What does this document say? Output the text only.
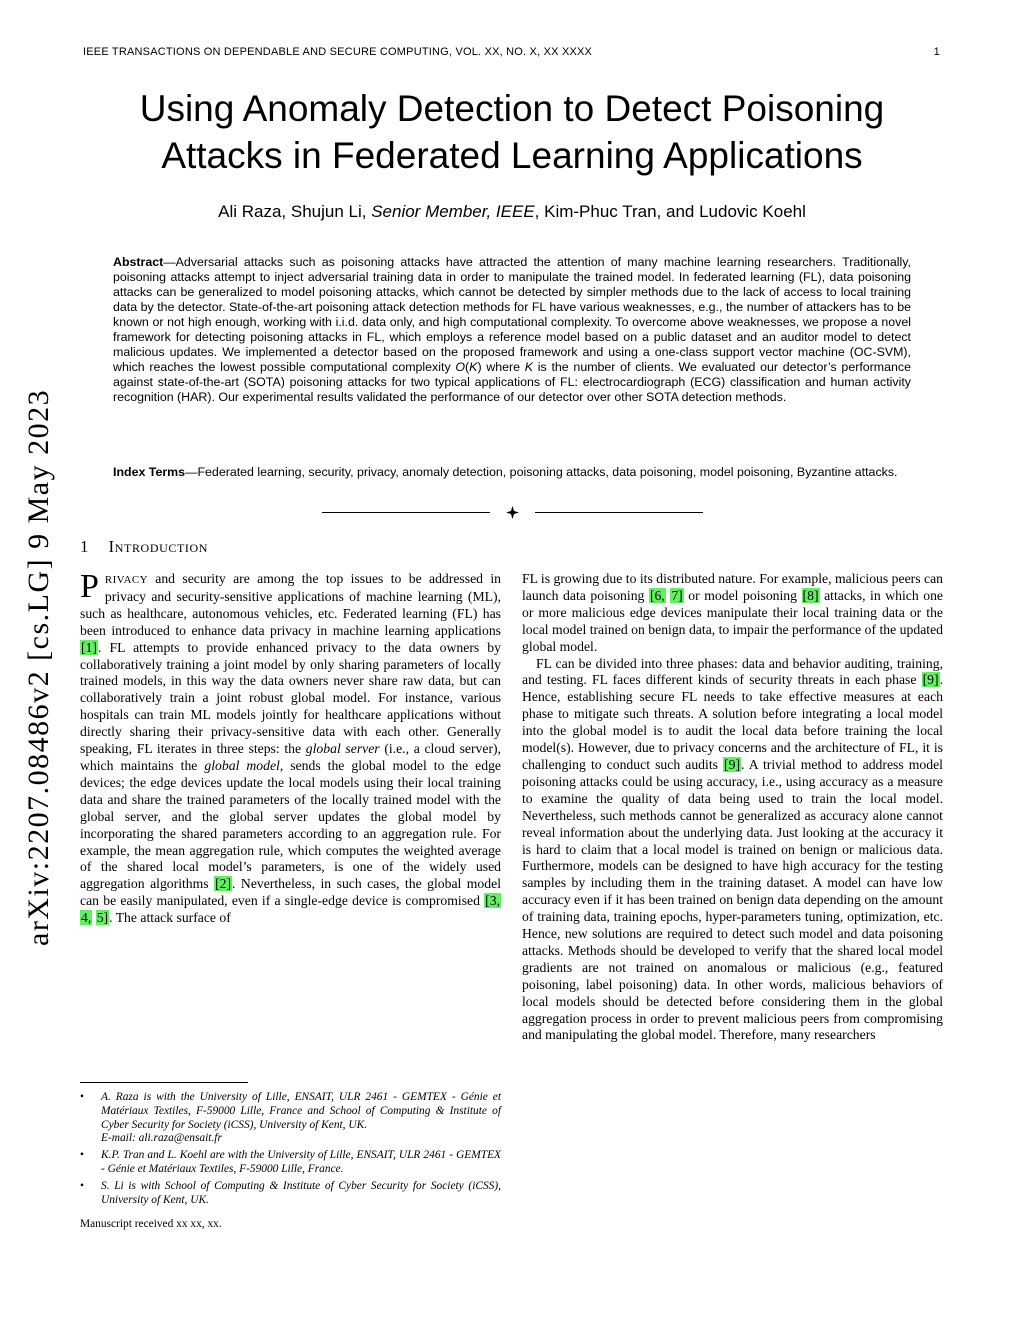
IEEE TRANSACTIONS ON DEPENDABLE AND SECURE COMPUTING, VOL. XX, NO. X, XX XXXX	1
Using Anomaly Detection to Detect Poisoning
Attacks in Federated Learning Applications
Ali Raza, Shujun Li, Senior Member, IEEE, Kim-Phuc Tran, and Ludovic Koehl
Abstract—Adversarial attacks such as poisoning attacks have attracted the attention of many machine learning researchers. Traditionally, poisoning attacks attempt to inject adversarial training data in order to manipulate the trained model. In federated learning (FL), data poisoning attacks can be generalized to model poisoning attacks, which cannot be detected by simpler methods due to the lack of access to local training data by the detector. State-of-the-art poisoning attack detection methods for FL have various weaknesses, e.g., the number of attackers has to be known or not high enough, working with i.i.d. data only, and high computational complexity. To overcome above weaknesses, we propose a novel framework for detecting poisoning attacks in FL, which employs a reference model based on a public dataset and an auditor model to detect malicious updates. We implemented a detector based on the proposed framework and using a one-class support vector machine (OC-SVM), which reaches the lowest possible computational complexity O(K) where K is the number of clients. We evaluated our detector’s performance against state-of-the-art (SOTA) poisoning attacks for two typical applications of FL: electrocardiograph (ECG) classification and human activity recognition (HAR). Our experimental results validated the performance of our detector over other SOTA detection methods.
Index Terms—Federated learning, security, privacy, anomaly detection, poisoning attacks, data poisoning, model poisoning, Byzantine attacks.
1 Introduction

PRIVACY and security are among the top issues to be addressed in privacy and security-sensitive applications of machine learning (ML), such as healthcare, autonomous vehicles, etc. Federated learning (FL) has been introduced to enhance data privacy in machine learning applications [1]. FL attempts to provide enhanced privacy to the data owners by collaboratively training a joint model by only sharing parameters of locally trained models, in this way the data owners never share raw data, but can collaboratively train a joint robust global model. For instance, various hospitals can train ML models jointly for healthcare applications without directly sharing their privacy-sensitive data with each other. Generally speaking, FL iterates in three steps: the global server (i.e., a cloud server), which maintains the global model, sends the global model to the edge devices; the edge devices update the local models using their local training data and share the trained parameters of the locally trained model with the global server, and the global server updates the global model by incorporating the shared parameters according to an aggregation rule. For example, the mean aggregation rule, which computes the weighted average of the shared local model’s parameters, is one of the widely used aggregation algorithms [2]. Nevertheless, in such cases, the global model can be easily manipulated, even if a single-edge device is compromised [3, 4, 5]. The attack surface of

FL is growing due to its distributed nature. For example, malicious peers can launch data poisoning [6, 7] or model poisoning [8] attacks, in which one or more malicious edge devices manipulate their local training data or the local model trained on benign data, to impair the performance of the updated global model.

FL can be divided into three phases: data and behavior auditing, training, and testing. FL faces different kinds of security threats in each phase [9]. Hence, establishing secure FL needs to take effective measures at each phase to mitigate such threats. A solution before integrating a local model into the global model is to audit the local data before training the local model(s). However, due to privacy concerns and the architecture of FL, it is challenging to conduct such audits [9]. A trivial method to address model poisoning attacks could be using accuracy, i.e., using accuracy as a measure to examine the quality of data being used to train the local model. Nevertheless, such methods cannot be generalized as accuracy alone cannot reveal information about the underlying data. Just looking at the accuracy it is hard to claim that a local model is trained on benign or malicious data. Furthermore, models can be designed to have high accuracy for the testing samples by including them in the training dataset. A model can have low accuracy even if it has been trained on benign data depending on the amount of training data, training epochs, hyper-parameters tuning, optimization, etc. Hence, new solutions are required to detect such model and data poisoning attacks. Methods should be developed to verify that the shared local model gradients are not trained on anomalous or malicious (e.g., featured poisoning, label poisoning) data. In other words, malicious behaviors of local models should be detected before considering them in the global aggregation process in order to prevent malicious peers from compromising and manipulating the global model. Therefore, many researchers

•	A. Raza is with the University of Lille, ENSAIT, ULR 2461 - GEMTEX - Génie et Matériaux Textiles, F-59000 Lille, France and School of Computing & Institute of Cyber Security for Society (iCSS), University of Kent, UK.
E-mail: ali.raza@ensait.fr
•	K.P. Tran and L. Koehl are with the University of Lille, ENSAIT, ULR 2461 - GEMTEX - Génie et Matériaux Textiles, F-59000 Lille, France.
•	S. Li is with School of Computing & Institute of Cyber Security for Society (iCSS), University of Kent, UK.
Manuscript received xx xx, xx.
arXiv:2207.08486v2 [cs.LG] 9 May 2023
